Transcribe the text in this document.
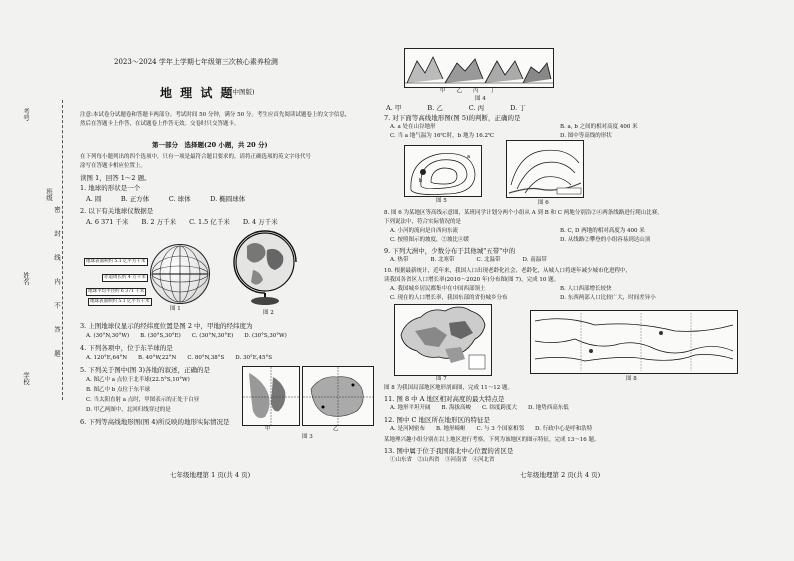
考号
姓名
学校
班级
封
线
内
不
答
题
密
2023～2024 学年上学期七年级第三次核心素养检测
地 理 试 题
(中图版)
注意:本试卷分试题卷和答题卡两部分。考试时间 50 分钟，满分 50 分。考生应首先阅读试题卷上的文字信息，
然后在答题卡上作答，在试题卷上作答无效。交卷时只交答题卡。
第一部分　选择题(20 小题，共 20 分)
在下列每小题列出的四个选项中，只有一项是最符合题目要求的。请将正确选项的英文字母代号
涂写在答题卡相应位置上。
读图 1，回答 1～2 题。
1. 地球的形状是一个
A. 圆　　　B. 正方体　　　C. 球体　　　D. 椭圆球体
2. 以下有关地球仪数据是
A. 6 371 千米　　B. 2 万千米　　C. 1.5 亿千米　　D. 4 万千米
地球表面积约 5.1 亿平方千米
赤道周长约 4 万千米
地球平均半径约 6 371 千米
地球表面积约 5.1 亿平方千米
图 1
图 2
3. 上图地球仪显示的经纬度位置是图 2 中，甲地的经纬度为
A. (30°N,30°W)　　B. (30°S,30°E)　　C. (30°N,30°E)　　D. (30°S,30°W)
4. 下列各项中，位于东半球的是
A. 120°E,64°N　　B. 40°W,22°N　　C. 80°N,38°S　　D. 30°E,45°S
5. 下列关于图中(图 3)各地的叙述，正确的是
A. 图乙中 a 点位于北半球(22.5°S,10°W)
B. 图乙中 b 点位于东半球
C. 当太阳直射 a 点时，甲图表示的正处于白昼
D. 甲乙两图中，北回归线穿过的是
6. 下列等高线地形图(图 4)所反映的地形实际情况是
甲	乙
图 3
七年级地理第 1 页(共 4 页)
甲　　乙　　丙　　丁
图 4
A. 甲　　　　B. 乙　　　　C. 丙　　　　D. 丁
7. 对下面等高线地形图(图 5)的判断，正确的是
A. a 处在山谷地形	B. a, b 之间的相对高度 400 米
C. 当 a 地气温为 16℃时，b 地为 16.2℃	D. 图中等高线的形状
a
b
图 5	图 6
8. 图 6 为某地区等高线示意图，某班同学计划分两个小组从 A 到 B 和 C 两地分别沿②④两条线路进行爬山比赛。
下列说法中，符合实际情况的是
A. 小河的流向是自西向东流	B. C, D 两地的相对高度为 400 米
C. 按照图示的坡度，②坡比④缓	D. 从线路②攀登的小组容易到达山顶
9. 下列大洲中，少数分布于其他城"五带"中的
A. 热带　　　　B. 北寒带　　　　C. 北温带　　　　D. 南温带
10. 根据最新统计，近年来，我国人口出现老龄化社会，老龄化，从城人口将逐年减少城市化进程中，
读我国各省区人口增长率(2010～2020 年)分布图(图 7)，完成 10 题。
A. 我国城乡居民都集中在中国西部领土	B. 人口西部增长较快
C. 现在的人口增长率，我国东部的省份城乡分布	D. 东西两部人口比较广大，时间差异小
图 7	图 8
图 8 为我国局部地区地形剖面图，完成 11～12 题。
11. 图 8 中 A 地区相对高度的最大特点是
A. 地形平坦开阔　　B. 海拔高峻　　C. 纬度跨度大　　D. 地势西高东低
12. 图中 C 地区所在地形区的特征是
A. 是河网密布　　B. 地形崎岖　　C. 与 3 个国家相邻　　D. 行政中心是呼和浩特
某地理兴趣小组分别在以上地区进行考察，下列为该地区的图示特征，完成 13～16 题。
13. 图中属于位于我国南北中心位置的省区是
①山东省　②山西省　③河南省　④河北省
七年级地理第 2 页(共 4 页)
